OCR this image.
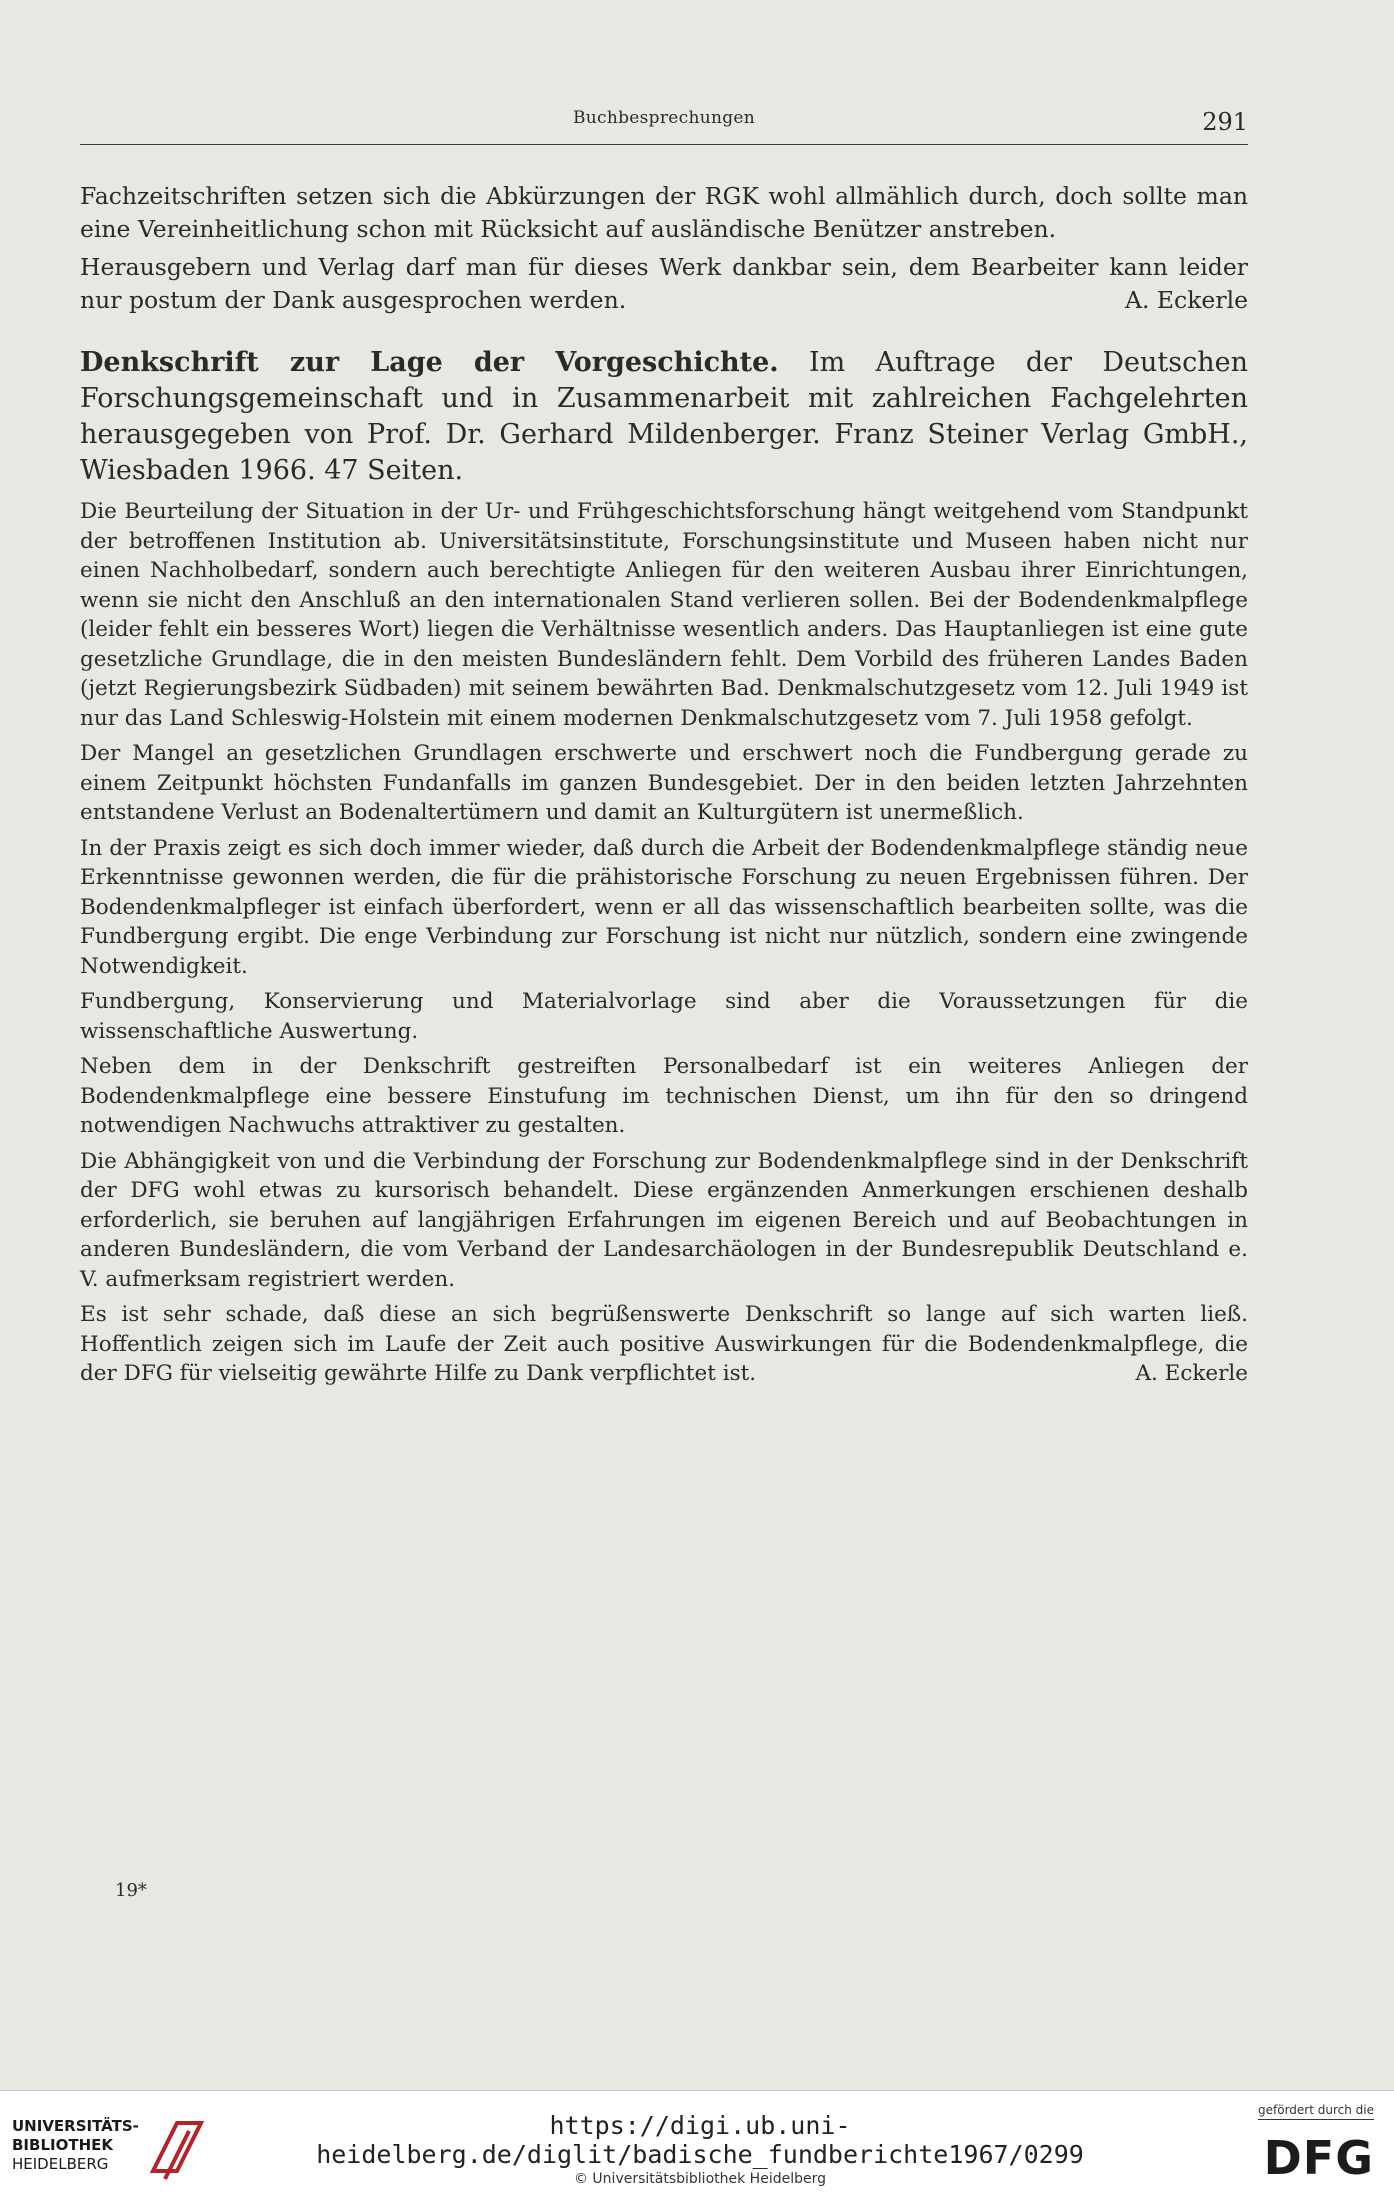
Buchbesprechungen	291

Fachzeitschriften setzen sich die Abkürzungen der RGK wohl allmählich durch, doch sollte man eine Vereinheitlichung schon mit Rücksicht auf ausländische Benützer anstreben.

Herausgebern und Verlag darf man für dieses Werk dankbar sein, dem Bearbeiter kann leider nur postum der Dank ausgesprochen werden.	A. Eckerle

Denkschrift zur Lage der Vorgeschichte. Im Auftrage der Deutschen Forschungsgemeinschaft und in Zusammenarbeit mit zahlreichen Fachgelehrten herausgegeben von Prof. Dr. Gerhard Mildenberger. Franz Steiner Verlag GmbH., Wiesbaden 1966. 47 Seiten.

Die Beurteilung der Situation in der Ur- und Frühgeschichtsforschung hängt weitgehend vom Standpunkt der betroffenen Institution ab. Universitätsinstitute, Forschungsinstitute und Museen haben nicht nur einen Nachholbedarf, sondern auch berechtigte Anliegen für den weiteren Ausbau ihrer Einrichtungen, wenn sie nicht den Anschluß an den internationalen Stand verlieren sollen. Bei der Bodendenkmalpflege (leider fehlt ein besseres Wort) liegen die Verhältnisse wesentlich anders. Das Hauptanliegen ist eine gute gesetzliche Grundlage, die in den meisten Bundesländern fehlt. Dem Vorbild des früheren Landes Baden (jetzt Regierungsbezirk Südbaden) mit seinem bewährten Bad. Denkmalschutzgesetz vom 12. Juli 1949 ist nur das Land Schleswig-Holstein mit einem modernen Denkmalschutzgesetz vom 7. Juli 1958 gefolgt.

Der Mangel an gesetzlichen Grundlagen erschwerte und erschwert noch die Fundbergung gerade zu einem Zeitpunkt höchsten Fundanfalls im ganzen Bundesgebiet. Der in den beiden letzten Jahrzehnten entstandene Verlust an Bodenaltertümern und damit an Kulturgütern ist unermeßlich.

In der Praxis zeigt es sich doch immer wieder, daß durch die Arbeit der Bodendenkmalpflege ständig neue Erkenntnisse gewonnen werden, die für die prähistorische Forschung zu neuen Ergebnissen führen. Der Bodendenkmalpfleger ist einfach überfordert, wenn er all das wissenschaftlich bearbeiten sollte, was die Fundbergung ergibt. Die enge Verbindung zur Forschung ist nicht nur nützlich, sondern eine zwingende Notwendigkeit.

Fundbergung, Konservierung und Materialvorlage sind aber die Voraussetzungen für die wissenschaftliche Auswertung.

Neben dem in der Denkschrift gestreiften Personalbedarf ist ein weiteres Anliegen der Bodendenkmalpflege eine bessere Einstufung im technischen Dienst, um ihn für den so dringend notwendigen Nachwuchs attraktiver zu gestalten.

Die Abhängigkeit von und die Verbindung der Forschung zur Bodendenkmalpflege sind in der Denkschrift der DFG wohl etwas zu kursorisch behandelt. Diese ergänzenden Anmerkungen erschienen deshalb erforderlich, sie beruhen auf langjährigen Erfahrungen im eigenen Bereich und auf Beobachtungen in anderen Bundesländern, die vom Verband der Landesarchäologen in der Bundesrepublik Deutschland e. V. aufmerksam registriert werden.

Es ist sehr schade, daß diese an sich begrüßenswerte Denkschrift so lange auf sich warten ließ. Hoffentlich zeigen sich im Laufe der Zeit auch positive Auswirkungen für die Bodendenkmalpflege, die der DFG für vielseitig gewährte Hilfe zu Dank verpflichtet ist.	A. Eckerle

19*
UNIVERSITÄTS-
BIBLIOTHEK
HEIDELBERG
https://digi.ub.uni-heidelberg.de/diglit/badische_fundberichte1967/0299
© Universitätsbibliothek Heidelberg
gefördert durch die
DFG
